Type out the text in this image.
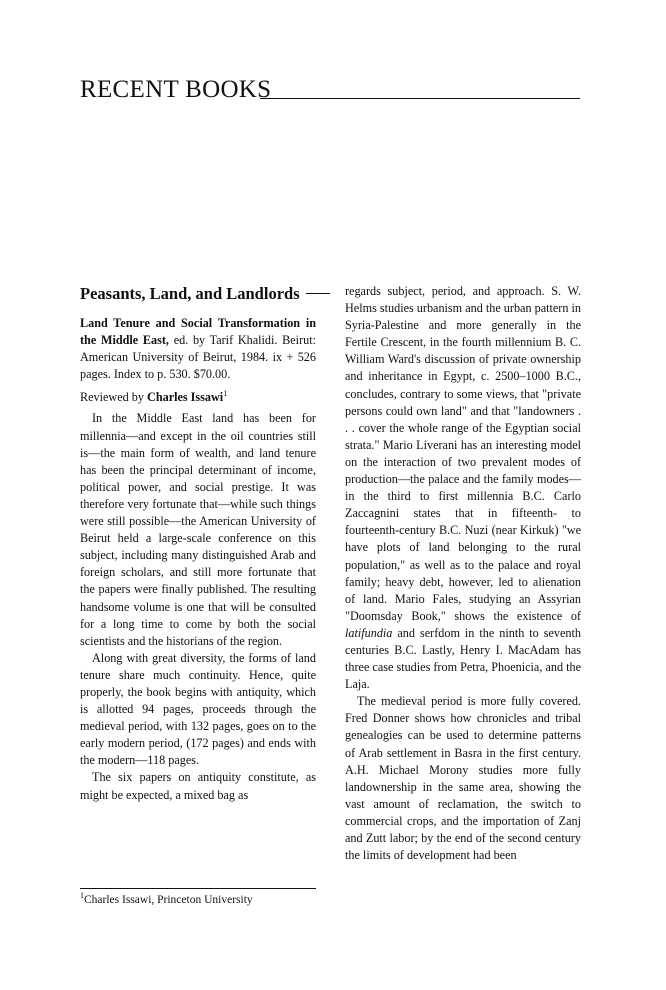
RECENT BOOKS
Peasants, Land, and Landlords

Land Tenure and Social Transformation in the Middle East, ed. by Tarif Khalidi. Beirut: American University of Beirut, 1984. ix + 526 pages. Index to p. 530. $70.00.

Reviewed by Charles Issawi$^1$

In the Middle East land has been for millennia—and except in the oil countries still is—the main form of wealth, and land tenure has been the principal determinant of income, political power, and social prestige. It was therefore very fortunate that—while such things were still possible—the American University of Beirut held a large-scale conference on this subject, including many distinguished Arab and foreign scholars, and still more fortunate that the papers were finally published. The resulting handsome volume is one that will be consulted for a long time to come by both the social scientists and the historians of the region.

Along with great diversity, the forms of land tenure share much continuity. Hence, quite properly, the book begins with antiquity, which is allotted 94 pages, proceeds through the medieval period, with 132 pages, goes on to the early modern period, (172 pages) and ends with the modern—118 pages.

The six papers on antiquity constitute, as might be expected, a mixed bag as

$^1$Charles Issawi, Princeton University

regards subject, period, and approach. S. W. Helms studies urbanism and the urban pattern in Syria-Palestine and more generally in the Fertile Crescent, in the fourth millennium B. C. William Ward's discussion of private ownership and inheritance in Egypt, c. 2500–1000 B.C., concludes, contrary to some views, that "private persons could own land" and that "landowners . . . cover the whole range of the Egyptian social strata." Mario Liverani has an interesting model on the interaction of two prevalent modes of production—the palace and the family modes—in the third to first millennia B.C. Carlo Zaccagnini states that in fifteenth- to fourteenth-century B.C. Nuzi (near Kirkuk) "we have plots of land belonging to the rural population," as well as to the palace and royal family; heavy debt, however, led to alienation of land. Mario Fales, studying an Assyrian "Doomsday Book," shows the existence of latifundia and serfdom in the ninth to seventh centuries B.C. Lastly, Henry I. MacAdam has three case studies from Petra, Phoenicia, and the Laja.

The medieval period is more fully covered. Fred Donner shows how chronicles and tribal genealogies can be used to determine patterns of Arab settlement in Basra in the first century. A.H. Michael Morony studies more fully landownership in the same area, showing the vast amount of reclamation, the switch to commercial crops, and the importation of Zanj and Zutt labor; by the end of the second century the limits of development had been
